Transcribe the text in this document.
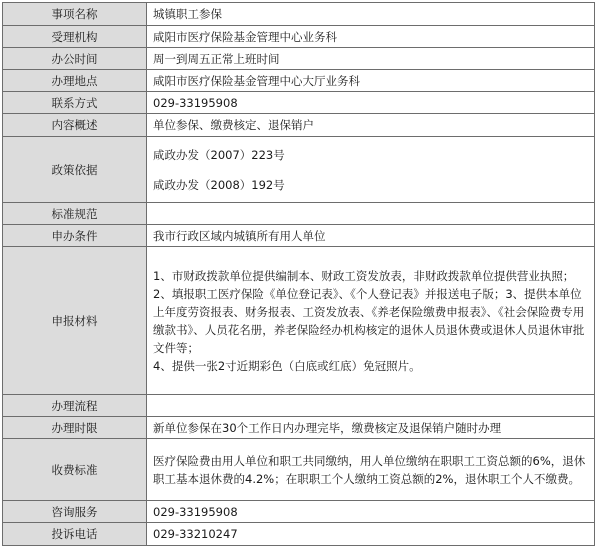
事项名称	城镇职工参保
受理机构	咸阳市医疗保险基金管理中心业务科
办公时间	周一到周五正常上班时间
办理地点	咸阳市医疗保险基金管理中心大厅业务科
联系方式	029-33195908
内容概述	单位参保、缴费核定、退保销户
政策依据	咸政办发（2007）223号

咸政办发（2008）192号

标准规范	
申办条件	我市行政区域内城镇所有用人单位
申报材料	1、市财政拨款单位提供编制本、财政工资发放表，非财政拨款单位提供营业执照；

2、填报职工医疗保险《单位登记表》、《个人登记表》并报送电子版；3、提供本单位上年度劳资报表、财务报表、工资发放表、《养老保险缴费申报表》、《社会保险费专用缴款书》、人员花名册，养老保险经办机构核定的退休人员退休费或退休人员退休审批文件等；

4、提供一张2寸近期彩色（白底或红底）免冠照片。

办理流程	
办理时限	新单位参保在30个工作日内办理完毕，缴费核定及退保销户随时办理
收费标准	医疗保险费由用人单位和职工共同缴纳，用人单位缴纳在职职工工资总额的6%，退休职工基本退休费的4.2%；在职职工个人缴纳工资总额的2%，退休职工个人不缴费。
咨询服务	029-33195908
投诉电话	029-33210247
